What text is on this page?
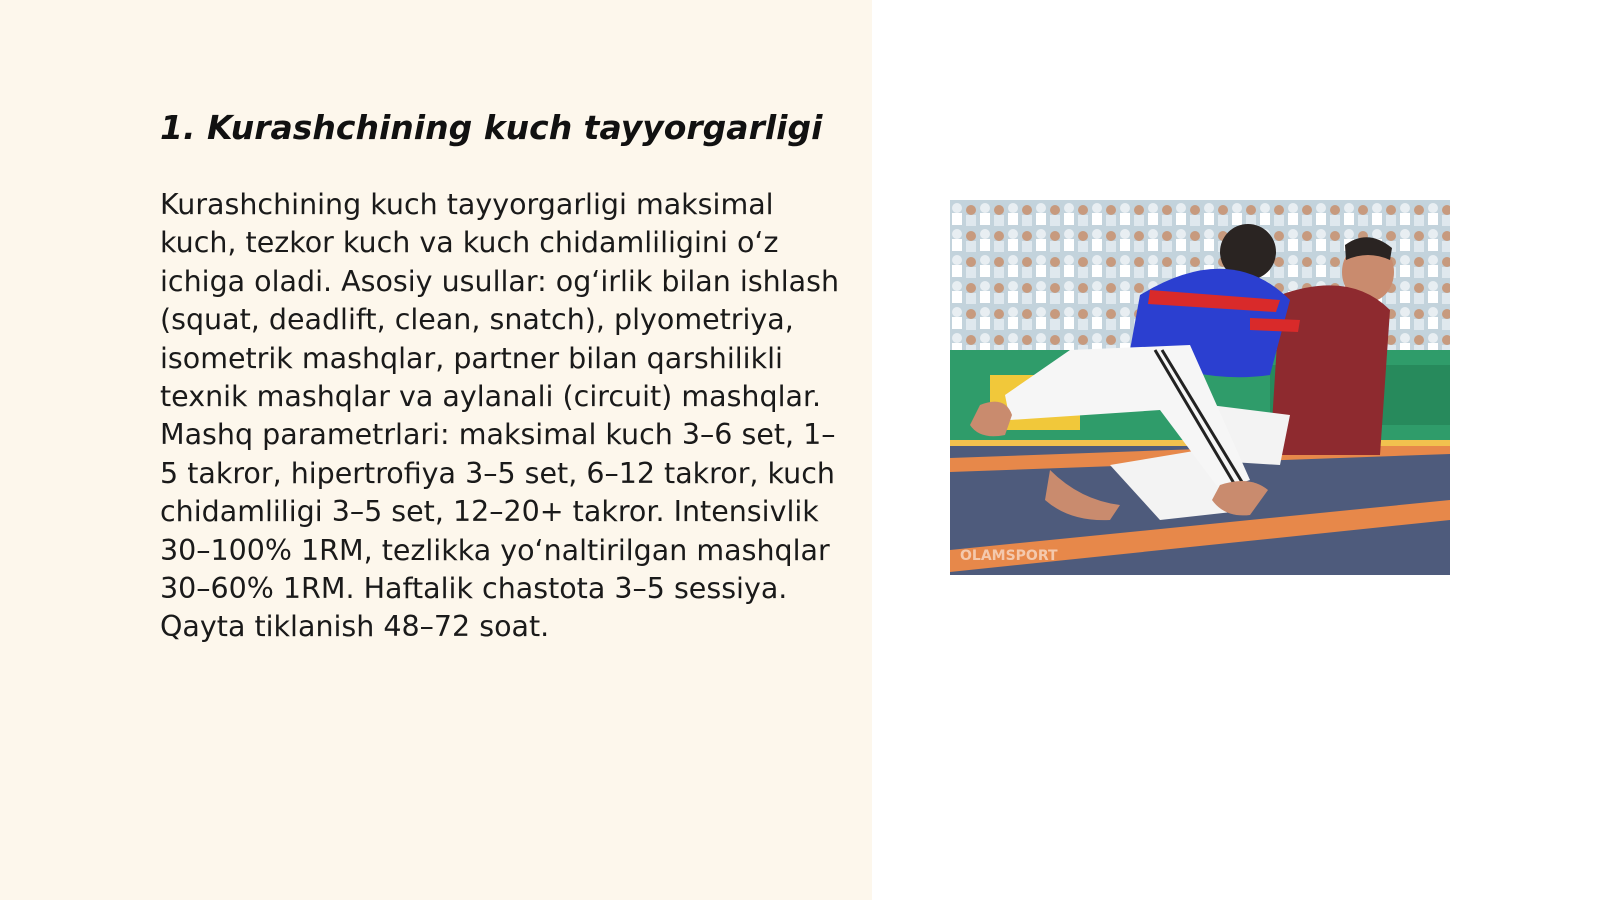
1. Kurashchining kuch tayyorgarligi

Kurashchining kuch tayyorgarligi maksimal kuch, tezkor kuch va kuch chidamliligini o‘z ichiga oladi. Asosiy usullar: og‘irlik bilan ishlash (squat, deadlift, clean, snatch), plyometriya, isometrik mashqlar, partner bilan qarshilikli texnik mashqlar va aylanali (circuit) mashqlar. Mashq parametrlari: maksimal kuch 3–6 set, 1–5 takror, hipertrofiya 3–5 set, 6–12 takror, kuch chidamliligi 3–5 set, 12–20+ takror. Intensivlik 30–100% 1RM, tezlikka yo‘naltirilgan mashqlar 30–60% 1RM. Haftalik chastota 3–5 sessiya. Qayta tiklanish 48–72 soat.

OLAMSPORT
